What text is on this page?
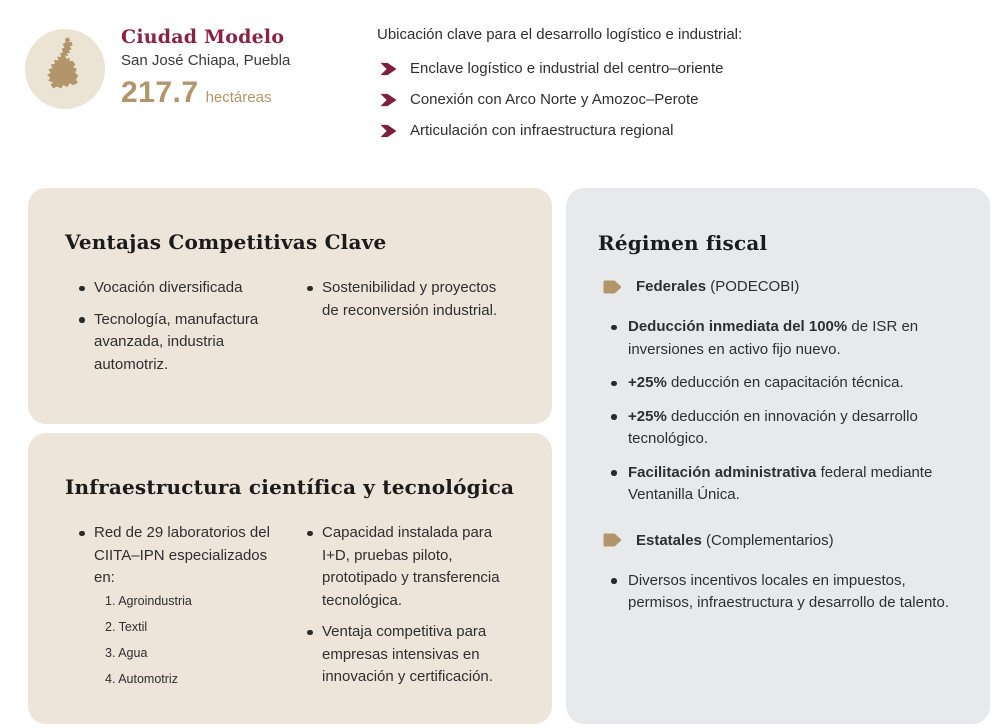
Ciudad Modelo
San José Chiapa, Puebla
217.7 hectáreas

Ubicación clave para el desarrollo logístico e industrial:

Enclave logístico e industrial del centro–oriente
Conexión con Arco Norte y Amozoc–Perote
Articulación con infraestructura regional
Ventajas Competitivas Clave
Vocación diversificada
Tecnología, manufactura avanzada, industria automotriz.
Sostenibilidad y proyectos de reconversión industrial.
Infraestructura científica y tecnológica
Red de 29 laboratorios del CIITA–IPN especializados en:
1. Agroindustria
2. Textil
3. Agua
4. Automotriz
Capacidad instalada para I+D, pruebas piloto, prototipado y transferencia tecnológica.
Ventaja competitiva para empresas intensivas en innovación y certificación.
Régimen fiscal
Federales (PODECOBI)
Deducción inmediata del 100% de ISR en inversiones en activo fijo nuevo.
+25% deducción en capacitación técnica.
+25% deducción en innovación y desarrollo tecnológico.
Facilitación administrativa federal mediante Ventanilla Única.
Estatales (Complementarios)
Diversos incentivos locales en impuestos, permisos, infraestructura y desarrollo de talento.
